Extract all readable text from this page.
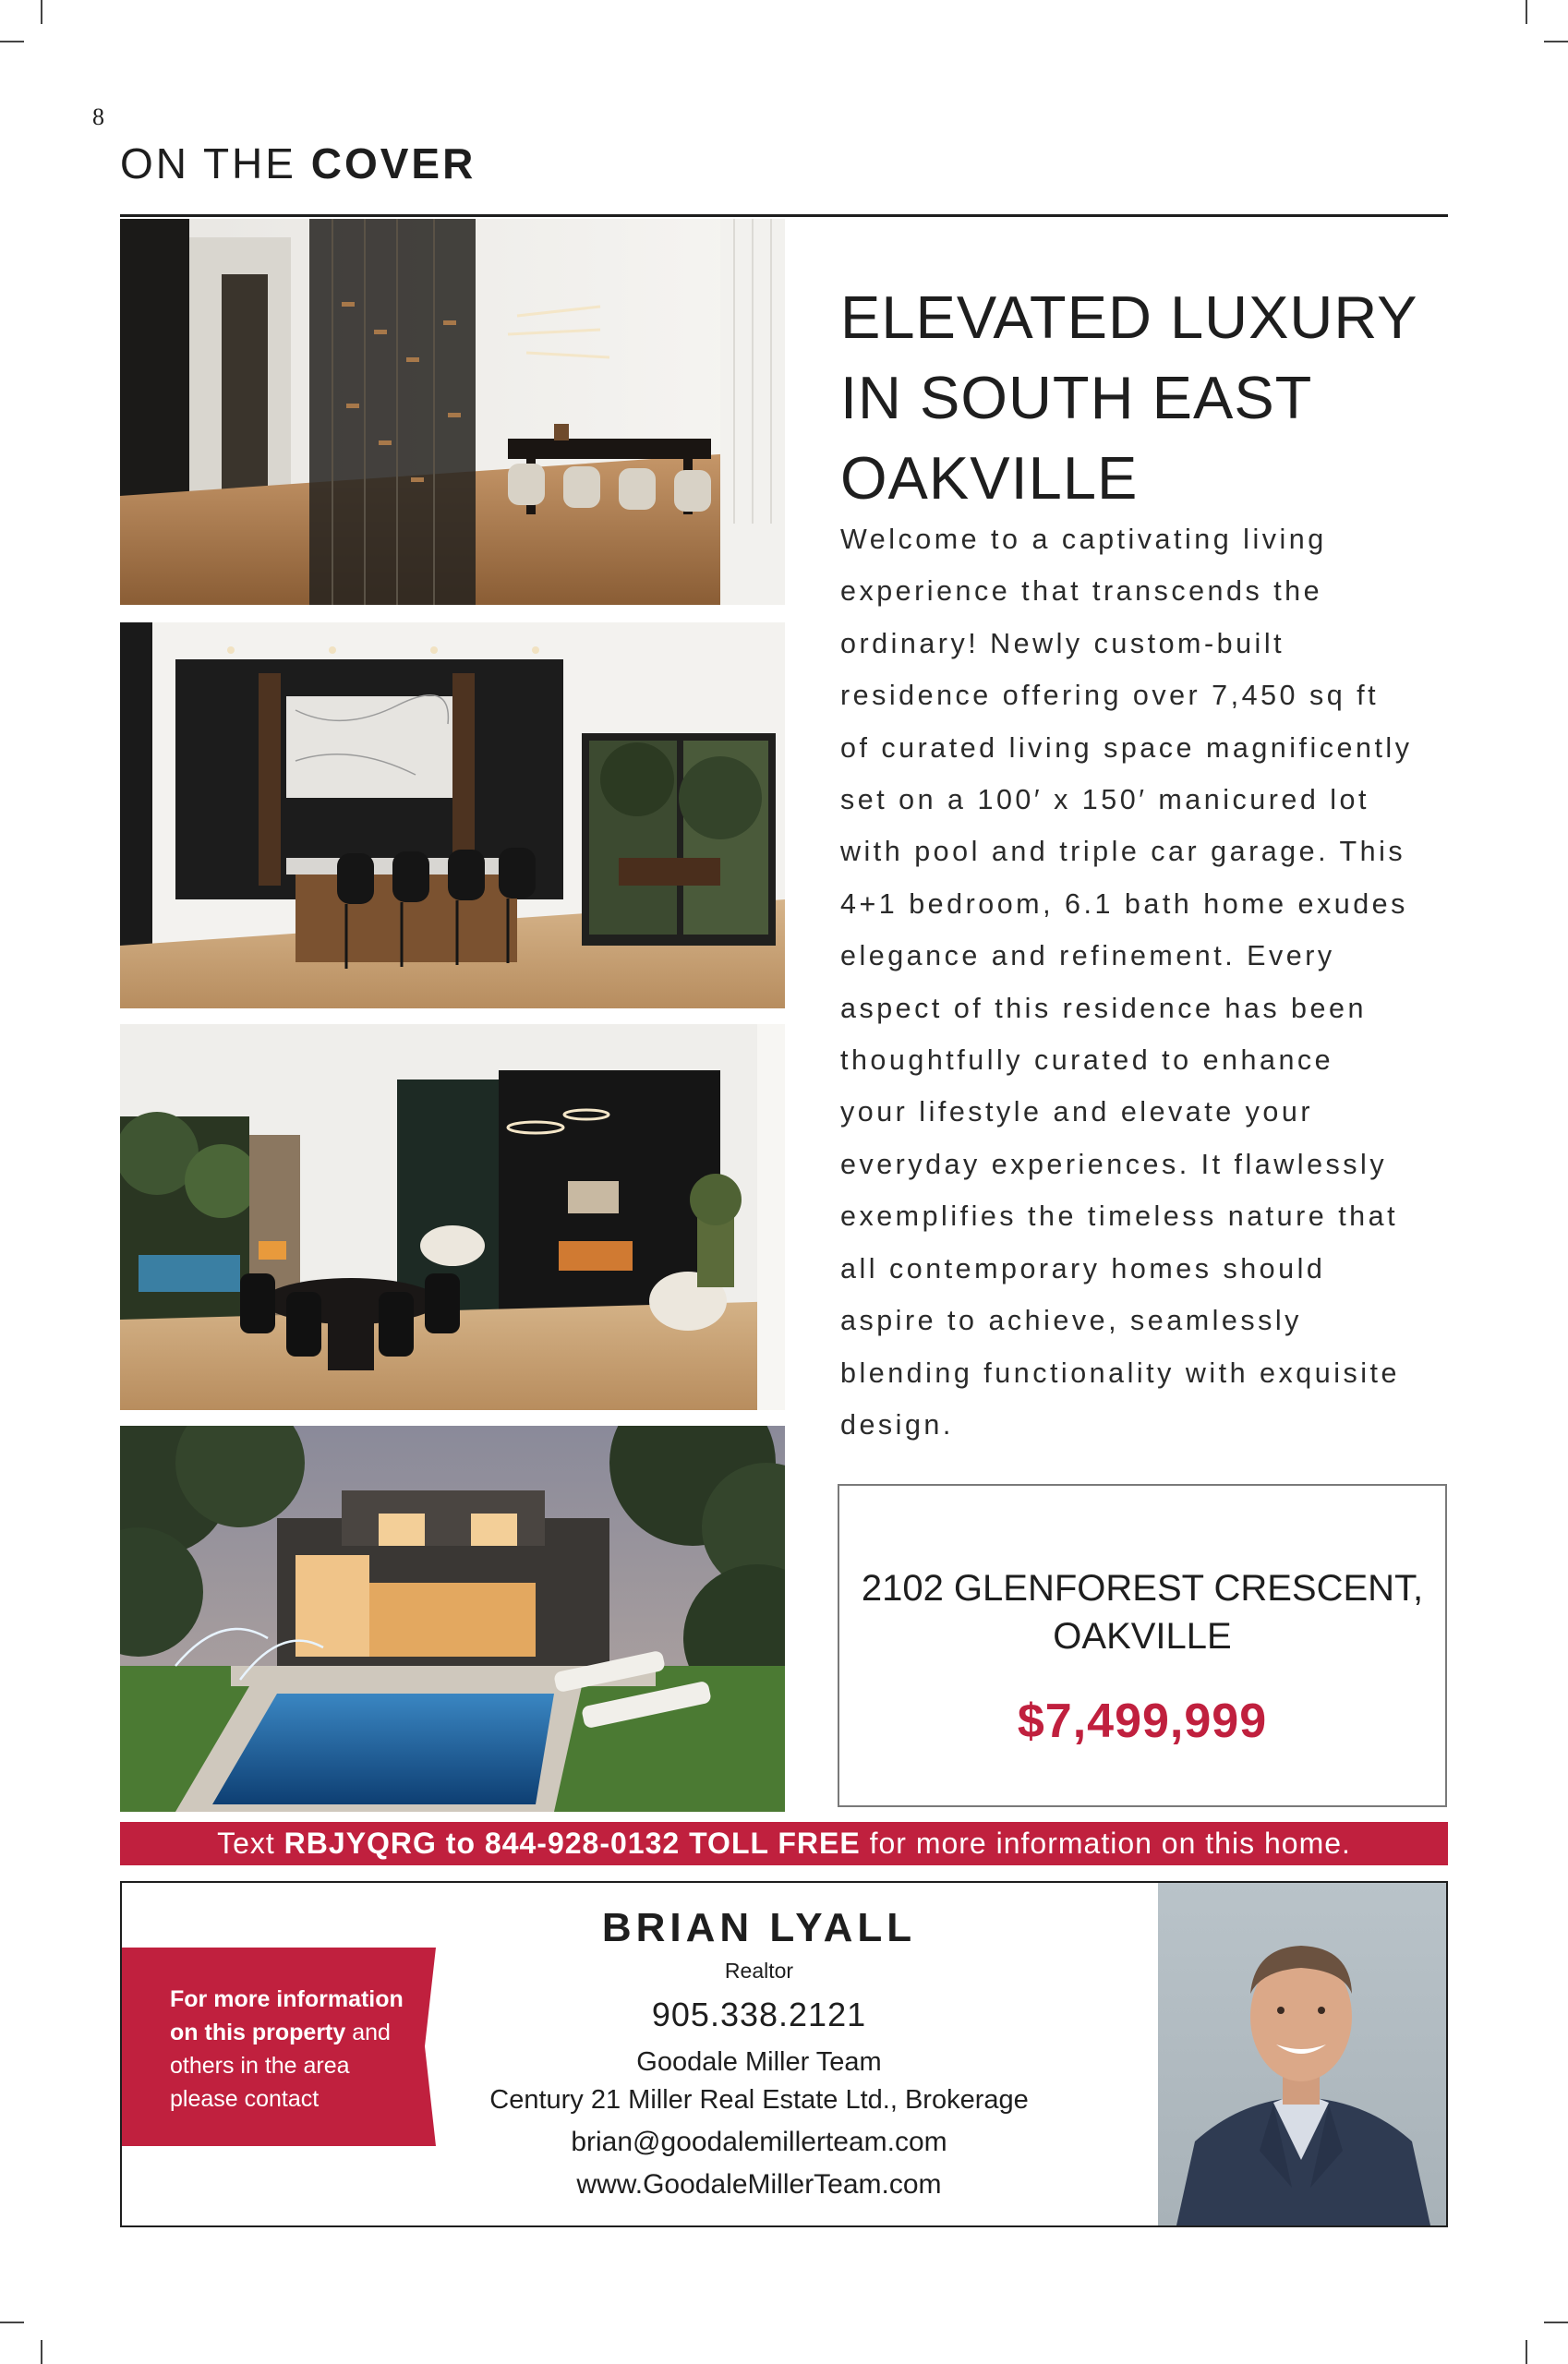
8
ON THE COVER
ELEVATED LUXURY
IN SOUTH EAST
OAKVILLE
Welcome to a captivating living
experience that transcends the
ordinary! Newly custom-built
residence offering over 7,450 sq ft
of curated living space magnificently
set on a 100′ x 150′ manicured lot
with pool and triple car garage. This
4+1 bedroom, 6.1 bath home exudes
elegance and refinement. Every
aspect of this residence has been
thoughtfully curated to enhance
your lifestyle and elevate your
everyday experiences. It flawlessly
exemplifies the timeless nature that
all contemporary homes should
aspire to achieve, seamlessly
blending functionality with exquisite
design.
2102 GLENFOREST CRESCENT,
OAKVILLE
$7,499,999
Text RBJYQRG to 844-928-0132 TOLL FREE for more information on this home.
For more information on this property and others in the area please contact
BRIAN LYALL
Realtor
905.338.2121
Goodale Miller Team
Century 21 Miller Real Estate Ltd., Brokerage
brian@goodalemillerteam.com
www.GoodaleMillerTeam.com
